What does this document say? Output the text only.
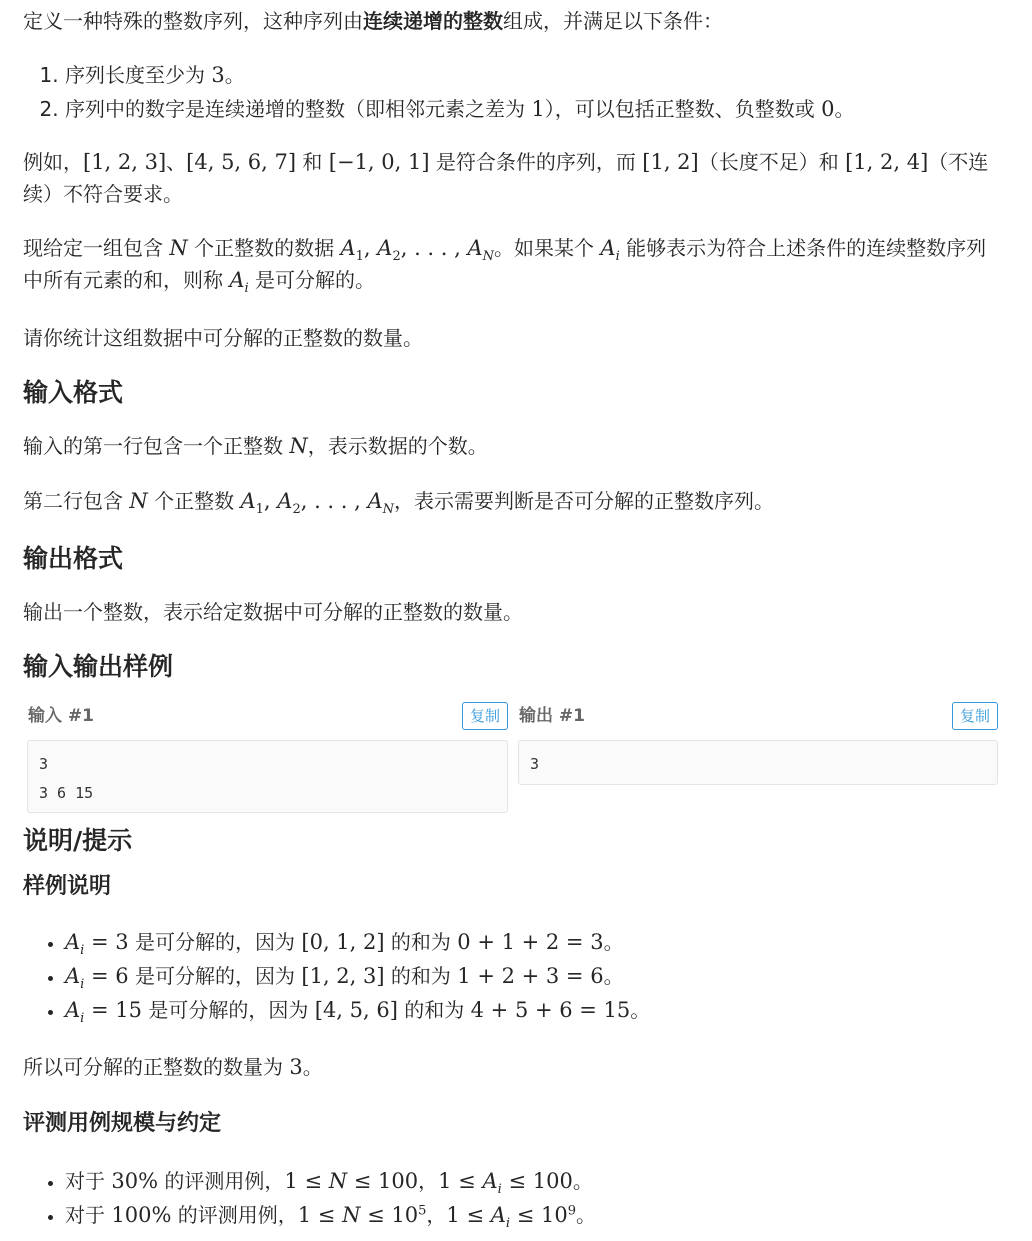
定义一种特殊的整数序列，这种序列由连续递增的整数组成，并满足以下条件：

1. 序列长度至少为 3。
2. 序列中的数字是连续递增的整数（即相邻元素之差为 1），可以包括正整数、负整数或 0。

例如，[1, 2, 3]、[4, 5, 6, 7] 和 [−1, 0, 1] 是符合条件的序列，而 [1, 2]（长度不足）和 [1, 2, 4]（不连续）不符合要求。

现给定一组包含 N 个正整数的数据 $A_1$, $A_2$, . . . , $A_N$。如果某个 $A_i$ 能够表示为符合上述条件的连续整数序列中所有元素的和，则称 $A_i$ 是可分解的。

请你统计这组数据中可分解的正整数的数量。

输入格式

输入的第一行包含一个正整数 N，表示数据的个数。

第二行包含 N 个正整数 $A_1$, $A_2$, . . . , $A_N$，表示需要判断是否可分解的正整数序列。

输出格式

输出一个整数，表示给定数据中可分解的正整数的数量。

输入输出样例
输入 #1	复制
3
3 6 15
输出 #1	复制
3
说明/提示
样例说明
• $A_i = 3$ 是可分解的，因为 [0, 1, 2] 的和为 0 + 1 + 2 = 3。
• $A_i = 6$ 是可分解的，因为 [1, 2, 3] 的和为 1 + 2 + 3 = 6。
• $A_i = 15$ 是可分解的，因为 [4, 5, 6] 的和为 4 + 5 + 6 = 15。

所以可分解的正整数的数量为 3。

评测用例规模与约定
• 对于 30% 的评测用例，1 ≤ N ≤ 100，$1 \le A_i \le 100$。
• 对于 100% 的评测用例，$1 \le N \le 10^5$，$1 \le A_i \le 10^9$。
